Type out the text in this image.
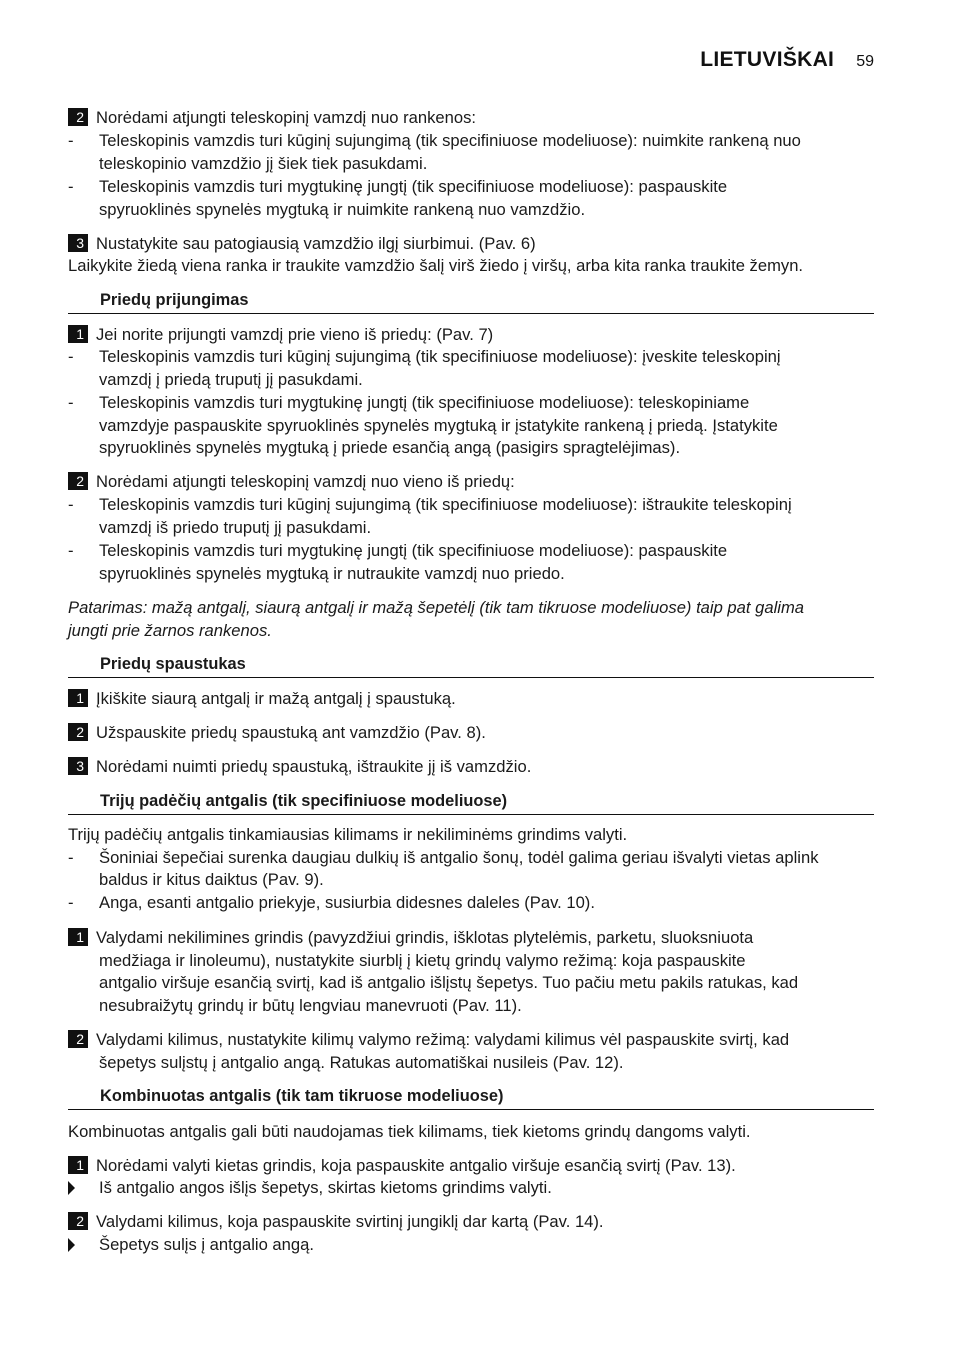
LIETUVIŠKAI 59
2 Norėdami atjungti teleskopinį vamzdį nuo rankenos:
- Teleskopinis vamzdis turi kūginį sujungimą (tik specifiniuose modeliuose): nuimkite rankeną nuo
teleskopinio vamzdžio jį šiek tiek pasukdami.
- Teleskopinis vamzdis turi mygtukinę jungtį (tik specifiniuose modeliuose): paspauskite
spyruoklinės spynelės mygtuką ir nuimkite rankeną nuo vamzdžio.
3 Nustatykite sau patogiausią vamzdžio ilgį siurbimui. (Pav. 6)
Laikykite žiedą viena ranka ir traukite vamzdžio šalį virš žiedo į viršų, arba kita ranka traukite žemyn.
Priedų prijungimas
1 Jei norite prijungti vamzdį prie vieno iš priedų: (Pav. 7)
- Teleskopinis vamzdis turi kūginį sujungimą (tik specifiniuose modeliuose): įveskite teleskopinį
vamzdį į priedą truputį jį pasukdami.
- Teleskopinis vamzdis turi mygtukinę jungtį (tik specifiniuose modeliuose): teleskopiniame
vamzdyje paspauskite spyruoklinės spynelės mygtuką ir įstatykite rankeną į priedą. Įstatykite
spyruoklinės spynelės mygtuką į priede esančią angą (pasigirs spragtelėjimas).
2 Norėdami atjungti teleskopinį vamzdį nuo vieno iš priedų:
- Teleskopinis vamzdis turi kūginį sujungimą (tik specifiniuose modeliuose): ištraukite teleskopinį
vamzdį iš priedo truputį jį pasukdami.
- Teleskopinis vamzdis turi mygtukinę jungtį (tik specifiniuose modeliuose): paspauskite
spyruoklinės spynelės mygtuką ir nutraukite vamzdį nuo priedo.
Patarimas: mažą antgalį, siaurą antgalį ir mažą šepetėlį (tik tam tikruose modeliuose) taip pat galima
jungti prie žarnos rankenos.
Priedų spaustukas
1 Įkiškite siaurą antgalį ir mažą antgalį į spaustuką.
2 Užspauskite priedų spaustuką ant vamzdžio (Pav. 8).
3 Norėdami nuimti priedų spaustuką, ištraukite jį iš vamzdžio.
Trijų padėčių antgalis (tik specifiniuose modeliuose)
Trijų padėčių antgalis tinkamiausias kilimams ir nekiliminėms grindims valyti.
- Šoniniai šepečiai surenka daugiau dulkių iš antgalio šonų, todėl galima geriau išvalyti vietas aplink
baldus ir kitus daiktus (Pav. 9).
- Anga, esanti antgalio priekyje, susiurbia didesnes daleles (Pav. 10).
1 Valydami nekilimines grindis (pavyzdžiui grindis, išklotas plytelėmis, parketu, sluoksniuota
medžiaga ir linoleumu), nustatykite siurblį į kietų grindų valymo režimą: koja paspauskite
antgalio viršuje esančią svirtį, kad iš antgalio išlįstų šepetys. Tuo pačiu metu pakils ratukas, kad
nesubraižytų grindų ir būtų lengviau manevruoti (Pav. 11).
2 Valydami kilimus, nustatykite kilimų valymo režimą: valydami kilimus vėl paspauskite svirtį, kad
šepetys sulįstų į antgalio angą. Ratukas automatiškai nusileis (Pav. 12).
Kombinuotas antgalis (tik tam tikruose modeliuose)
Kombinuotas antgalis gali būti naudojamas tiek kilimams, tiek kietoms grindų dangoms valyti.
1 Norėdami valyti kietas grindis, koja paspauskite antgalio viršuje esančią svirtį (Pav. 13).
Iš antgalio angos išlįs šepetys, skirtas kietoms grindims valyti.
2 Valydami kilimus, koja paspauskite svirtinį jungiklį dar kartą (Pav. 14).
Šepetys sulįs į antgalio angą.
